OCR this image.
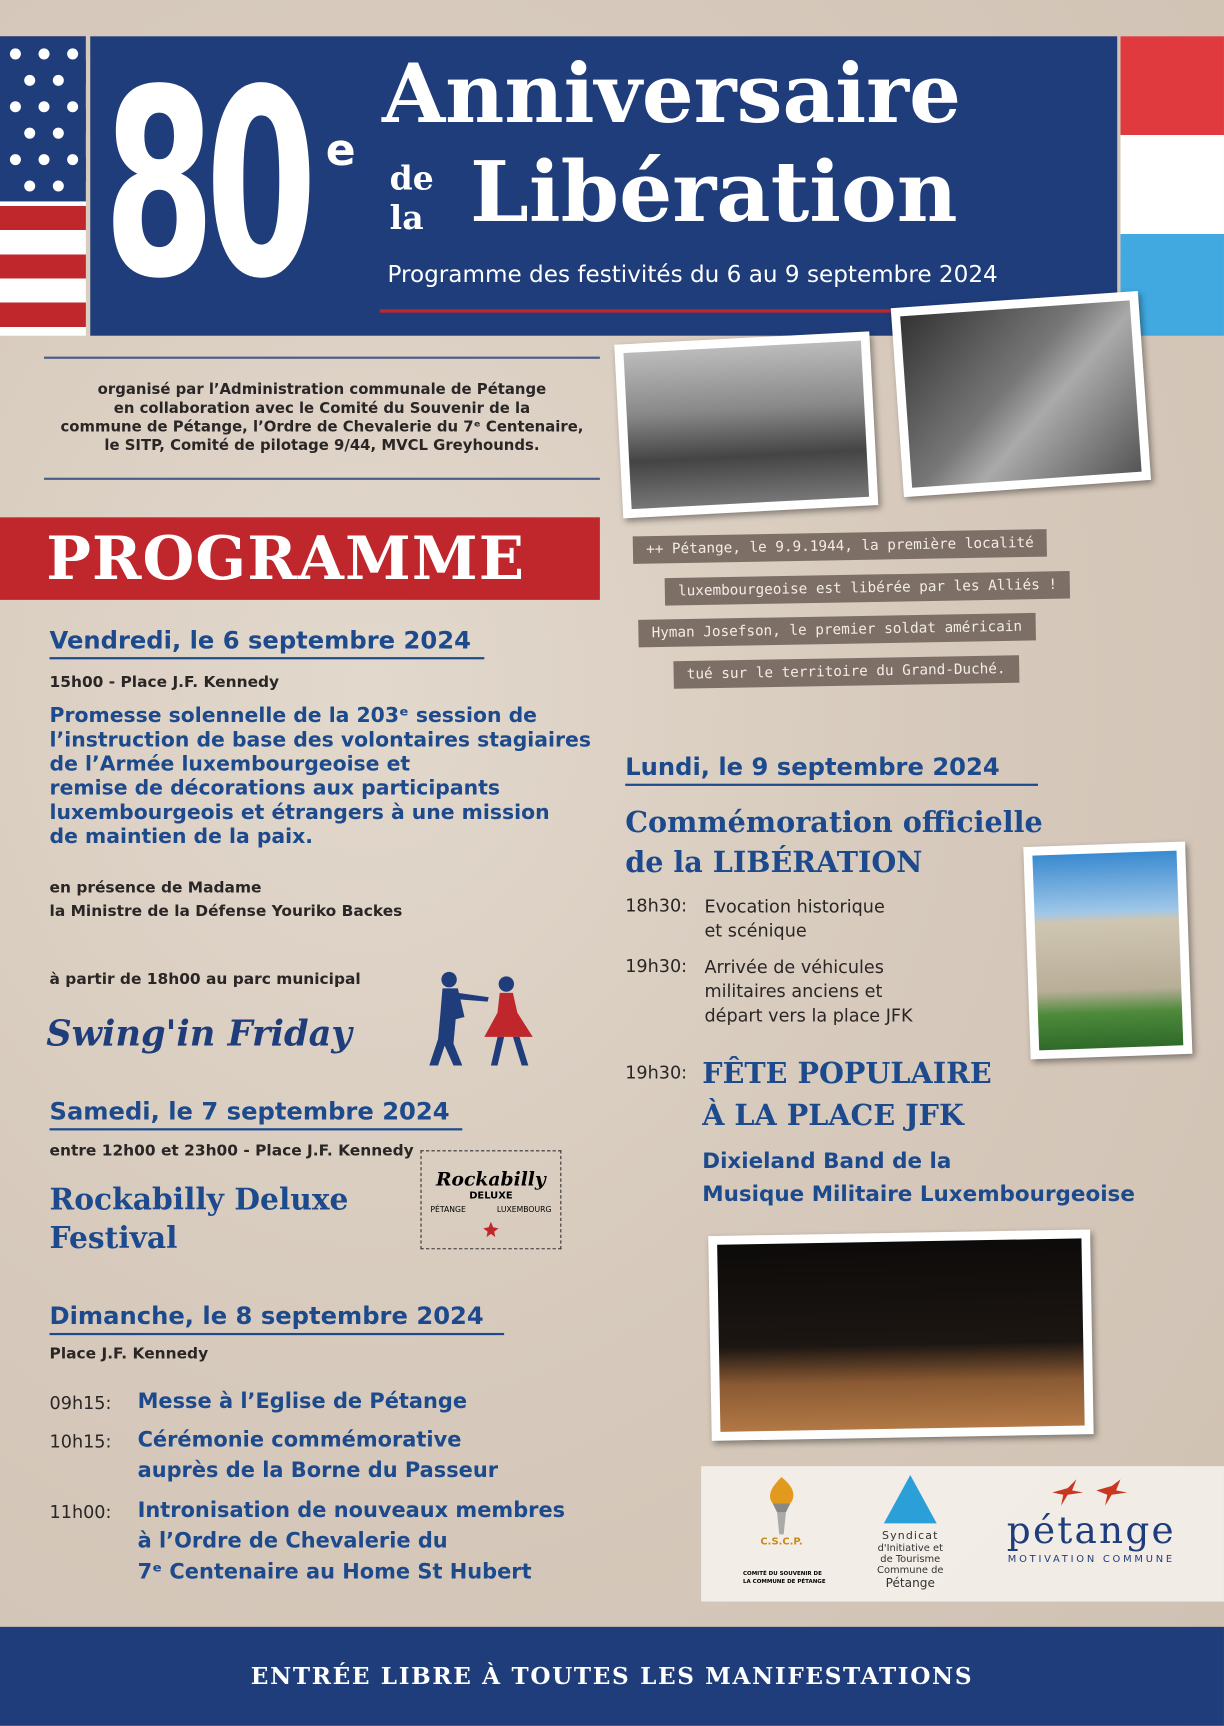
80 e
Anniversaire
de
la Libération
Programme des festivités du 6 au 9 septembre 2024
organisé par l’Administration communale de Pétange
en collaboration avec le Comité du Souvenir de la
commune de Pétange, l’Ordre de Chevalerie du 7ᵉ Centenaire,
le SITP, Comité de pilotage 9/44, MVCL Greyhounds.
PROGRAMME	++ Pétange, le 9.9.1944, la première localité
luxembourgeoise est libérée par les Alliés !
Hyman Josefson, le premier soldat américain
tué sur le territoire du Grand-Duché.
Vendredi, le 6 septembre 2024
15h00 - Place J.F. Kennedy
Promesse solennelle de la 203ᵉ session de
l’instruction de base des volontaires stagiaires
de l’Armée luxembourgeoise et
remise de décorations aux participants
luxembourgeois et étrangers à une mission
de maintien de la paix.
en présence de Madame
la Ministre de la Défense Youriko Backes
à partir de 18h00 au parc municipal
Swing'in Friday
Samedi, le 7 septembre 2024
entre 12h00 et 23h00 - Place J.F. Kennedy
Rockabilly Deluxe
Festival
Rockabilly
DELUXE
PÉTANGE	LUXEMBOURG
Dimanche, le 8 septembre 2024
Place J.F. Kennedy
09h15: Messe à l’Eglise de Pétange
10h15: Cérémonie commémorative
auprès de la Borne du Passeur
11h00: Intronisation de nouveaux membres
à l’Ordre de Chevalerie du
7ᵉ Centenaire au Home St Hubert
Lundi, le 9 septembre 2024
Commémoration officielle
de la LIBÉRATION
18h30: Evocation historique
et scénique
19h30: Arrivée de véhicules
militaires anciens et
départ vers la place JFK
19h30: FÊTE POPULAIRE
À LA PLACE JFK
Dixieland Band de la
Musique Militaire Luxembourgeoise
C.S.C.P.
COMITÉ DU SOUVENIR DE
LA COMMUNE DE PÉTANGE
Syndicat
d'Initiative et
de Tourisme
Commune de
Pétange
pétange
MOTIVATION COMMUNE
ENTRÉE LIBRE À TOUTES LES MANIFESTATIONS
